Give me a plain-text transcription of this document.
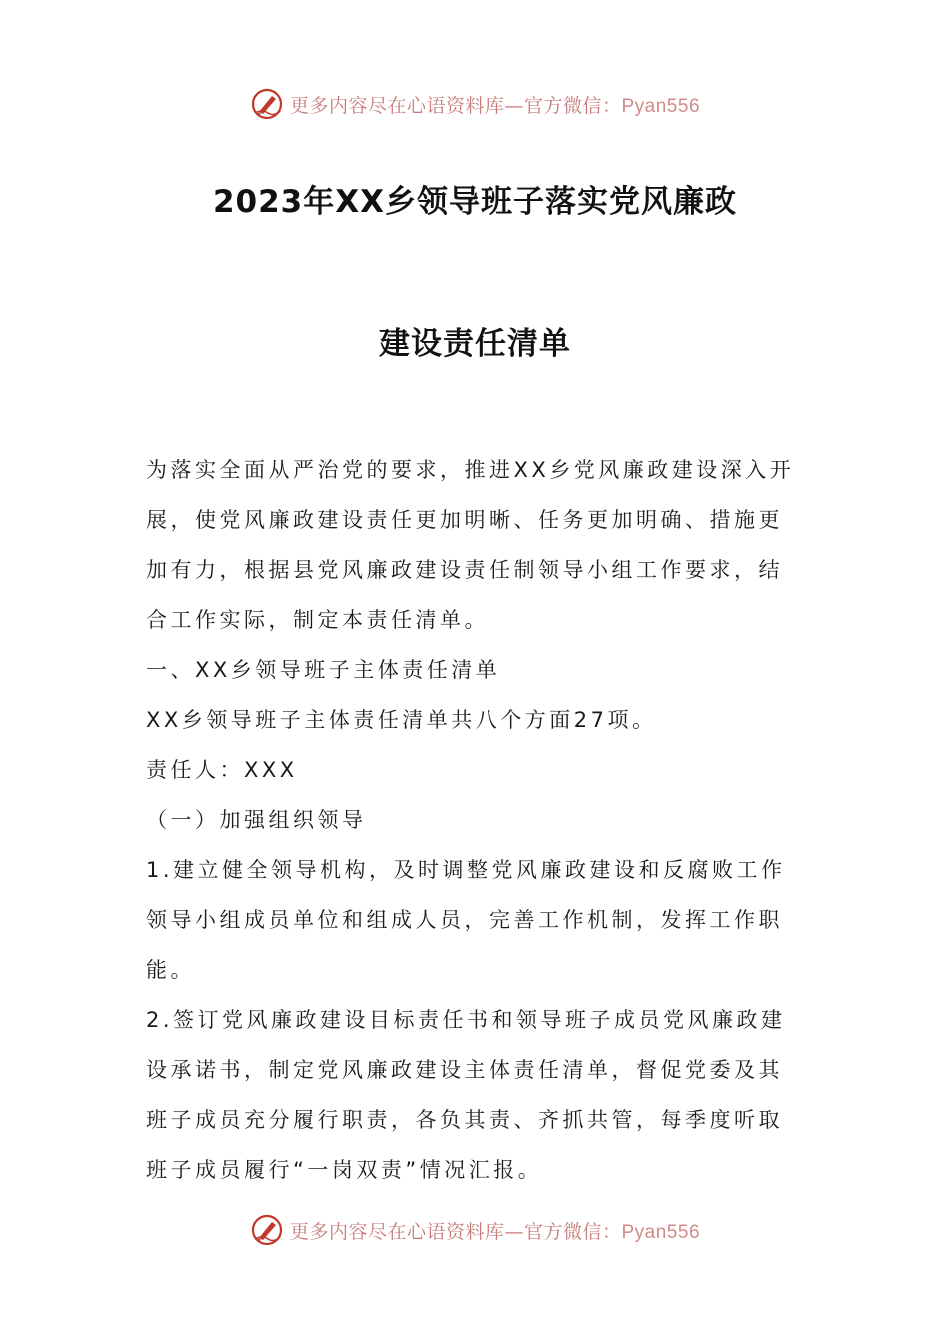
更多内容尽在心语资料库—官方微信：Pyan556
2023年XX乡领导班子落实党风廉政
建设责任清单

为落实全面从严治党的要求，推进XX乡党风廉政建设深入开展，使党风廉政建设责任更加明晰、任务更加明确、措施更加有力，根据县党风廉政建设责任制领导小组工作要求，结合工作实际，制定本责任清单。

一、XX乡领导班子主体责任清单

XX乡领导班子主体责任清单共八个方面27项。

责任人：XXX

（一）加强组织领导

1.建立健全领导机构，及时调整党风廉政建设和反腐败工作领导小组成员单位和组成人员，完善工作机制，发挥工作职能。

2.签订党风廉政建设目标责任书和领导班子成员党风廉政建设承诺书，制定党风廉政建设主体责任清单，督促党委及其班子成员充分履行职责，各负其责、齐抓共管，每季度听取班子成员履行“一岗双责”情况汇报。

更多内容尽在心语资料库—官方微信：Pyan556
